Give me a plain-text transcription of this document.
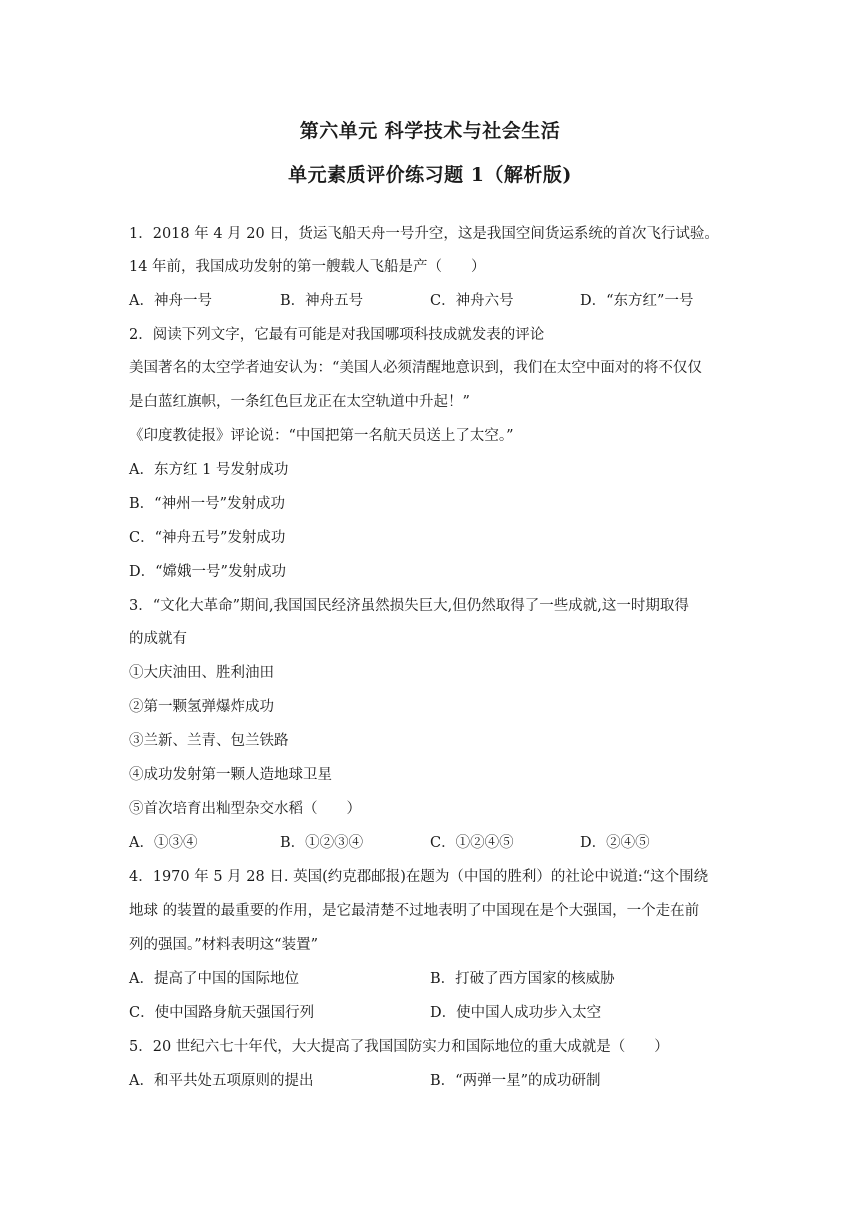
第六单元 科学技术与社会生活
单元素质评价练习题 1（解析版)
1．2018 年 4 月 20 日，货运飞船天舟一号升空，这是我国空间货运系统的首次飞行试验。
14 年前，我国成功发射的第一艘载人飞船是产（　　）
A．神舟一号	B．神舟五号	C．神舟六号	D．“东方红”一号
2．阅读下列文字，它最有可能是对我国哪项科技成就发表的评论
美国著名的太空学者迪安认为：“美国人必须清醒地意识到，我们在太空中面对的将不仅仅
是白蓝红旗帜，一条红色巨龙正在太空轨道中升起！”
《印度教徒报》评论说：“中国把第一名航天员送上了太空。”
A．东方红 1 号发射成功
B．“神州一号”发射成功
C．“神舟五号”发射成功
D．“嫦娥一号”发射成功
3．“文化大革命”期间,我国国民经济虽然损失巨大,但仍然取得了一些成就,这一时期取得
的成就有
①大庆油田、胜利油田
②第一颗氢弹爆炸成功
③兰新、兰青、包兰铁路
④成功发射第一颗人造地球卫星
⑤首次培育出籼型杂交水稻（　　）
A．①③④	B．①②③④	C．①②④⑤	D．②④⑤
4．1970 年 5 月 28 日. 英国(约克郡邮报)在题为（中国的胜利）的社论中说道:“这个围绕
地球 的装置的最重要的作用，是它最清楚不过地表明了中国现在是个大强国，一个走在前
列的强国。”材料表明这“装置”
A．提高了中国的国际地位	B．打破了西方国家的核威胁
C．使中国路身航天强国行列	D．使中国人成功步入太空
5．20 世纪六七十年代，大大提高了我国国防实力和国际地位的重大成就是（　　）
A．和平共处五项原则的提出	B．“两弹一星”的成功研制
